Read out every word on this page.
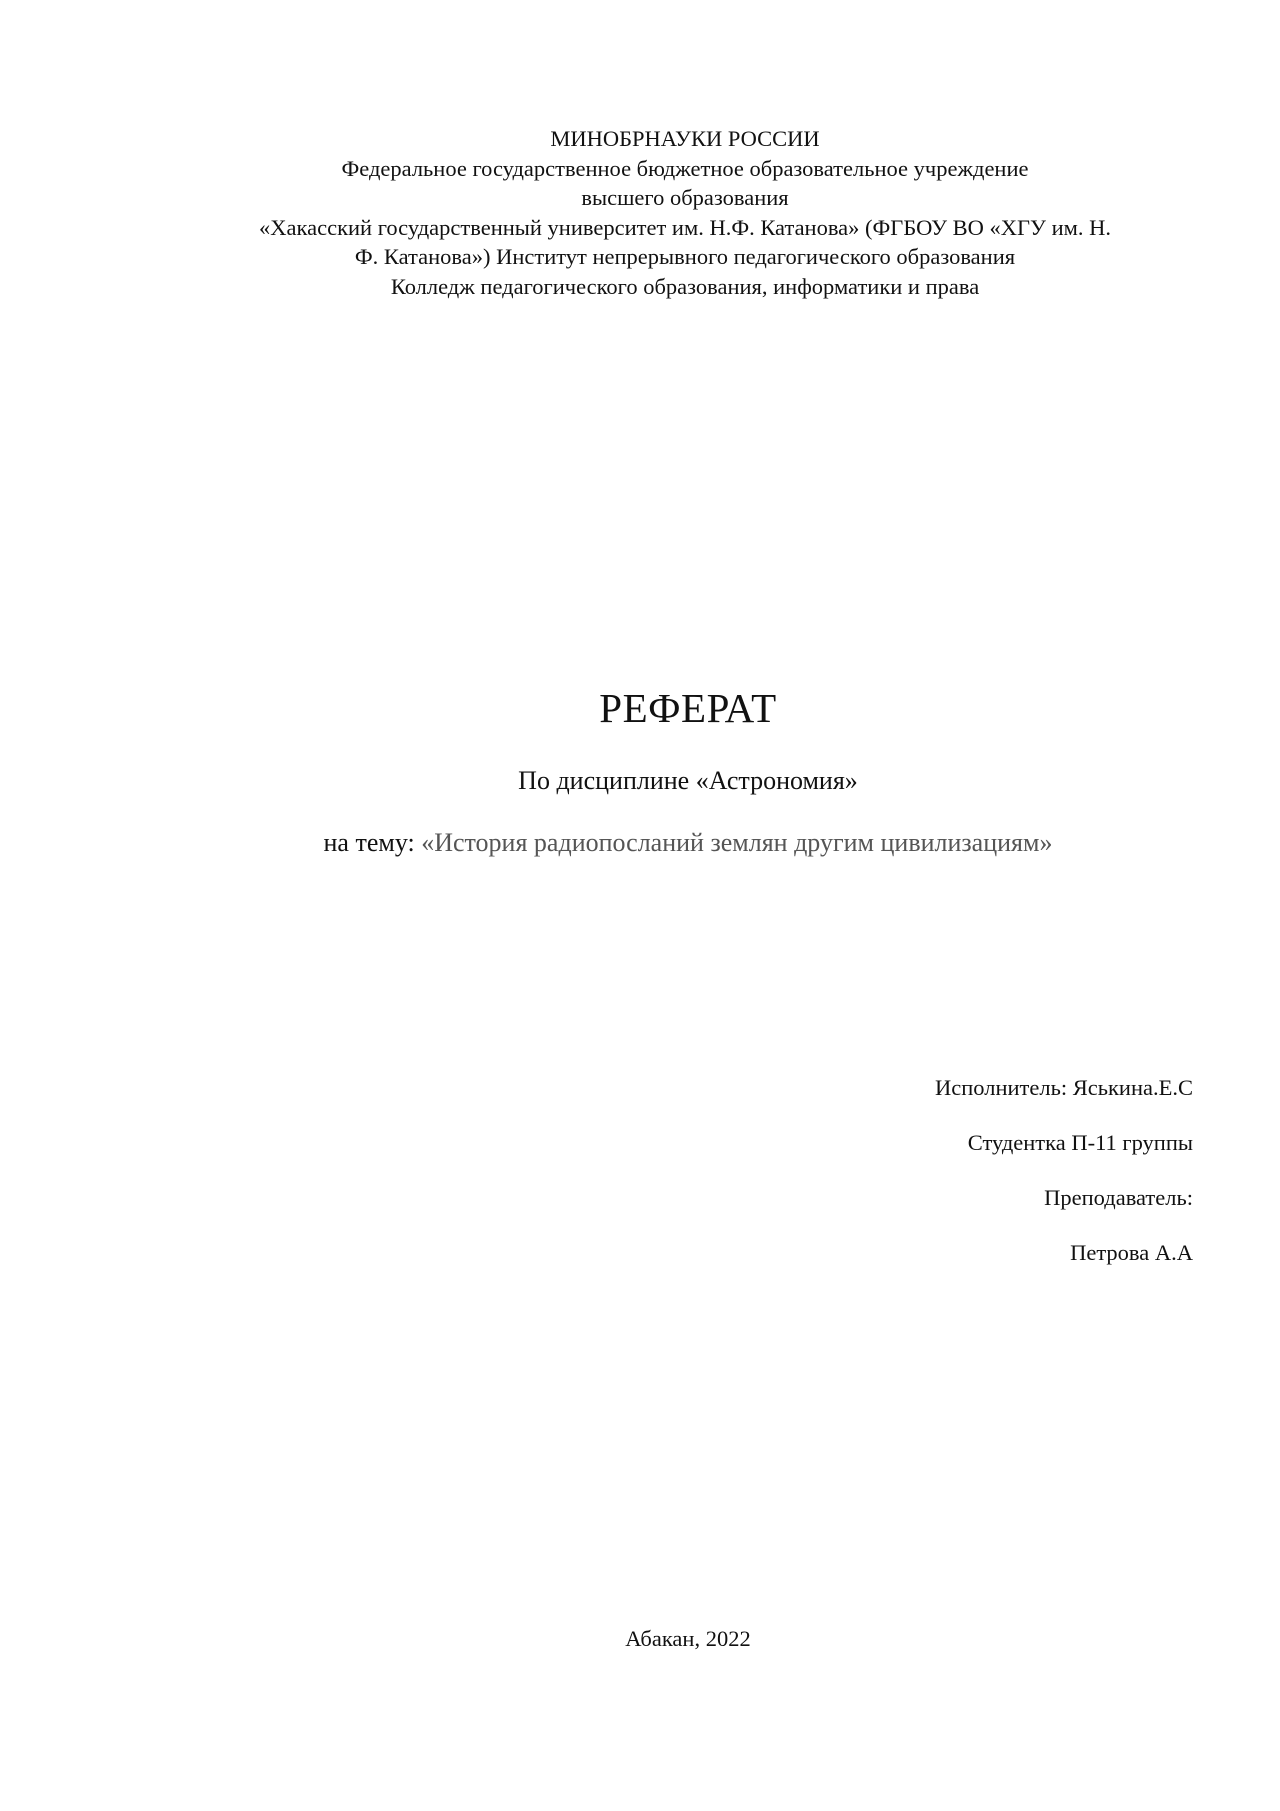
МИНОБРНАУКИ РОССИИ
Федеральное государственное бюджетное образовательное учреждение
высшего образования
«Хакасский государственный университет им. Н.Ф. Катанова» (ФГБОУ ВО «ХГУ им. Н.
Ф. Катанова») Институт непрерывного педагогического образования
Колледж педагогического образования, информатики и права
РЕФЕРАТ
По дисциплине «Астрономия»
на тему: «История радиопосланий землян другим цивилизациям»
Исполнитель: Яськина.Е.С
Студентка П-11 группы
Преподаватель:
Петрова А.А
Абакан, 2022
